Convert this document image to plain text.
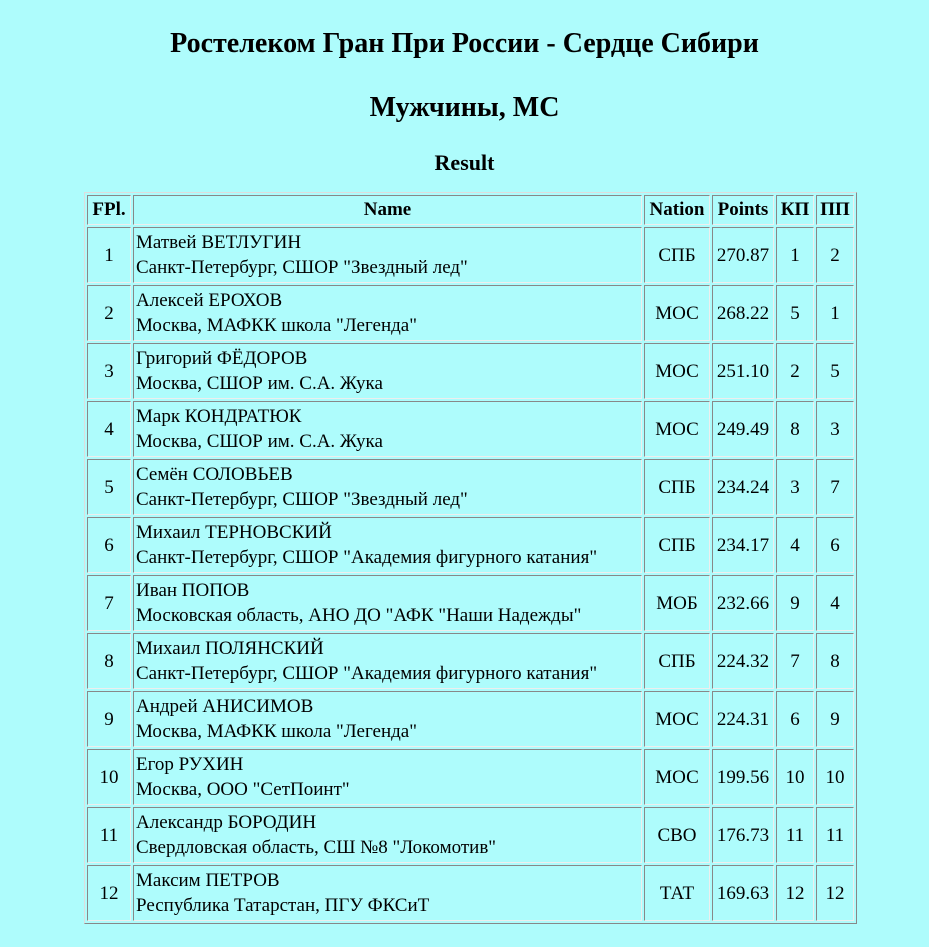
Ростелеком Гран При России - Сердце Сибири
Мужчины, МС
Result
FPl.	Name	Nation	Points	КП	ПП
1	Матвей ВЕТЛУГИН
Санкт-Петербург, СШОР "Звездный лед"	СПБ	270.87	1	2
2	Алексей ЕРОХОВ
Москва, МАФКК школа "Легенда"	МОС	268.22	5	1
3	Григорий ФЁДОРОВ
Москва, СШОР им. С.А. Жука	МОС	251.10	2	5
4	Марк КОНДРАТЮК
Москва, СШОР им. С.А. Жука	МОС	249.49	8	3
5	Семён СОЛОВЬЕВ
Санкт-Петербург, СШОР "Звездный лед"	СПБ	234.24	3	7
6	Михаил ТЕРНОВСКИЙ
Санкт-Петербург, СШОР "Академия фигурного катания"	СПБ	234.17	4	6
7	Иван ПОПОВ
Московская область, АНО ДО "АФК "Наши Надежды"	МОБ	232.66	9	4
8	Михаил ПОЛЯНСКИЙ
Санкт-Петербург, СШОР "Академия фигурного катания"	СПБ	224.32	7	8
9	Андрей АНИСИМОВ
Москва, МАФКК школа "Легенда"	МОС	224.31	6	9
10	Егор РУХИН
Москва, ООО "СетПоинт"	МОС	199.56	10	10
11	Александр БОРОДИН
Свердловская область, СШ №8 "Локомотив"	СВО	176.73	11	11
12	Максим ПЕТРОВ
Республика Татарстан, ПГУ ФКСиТ	ТАТ	169.63	12	12
